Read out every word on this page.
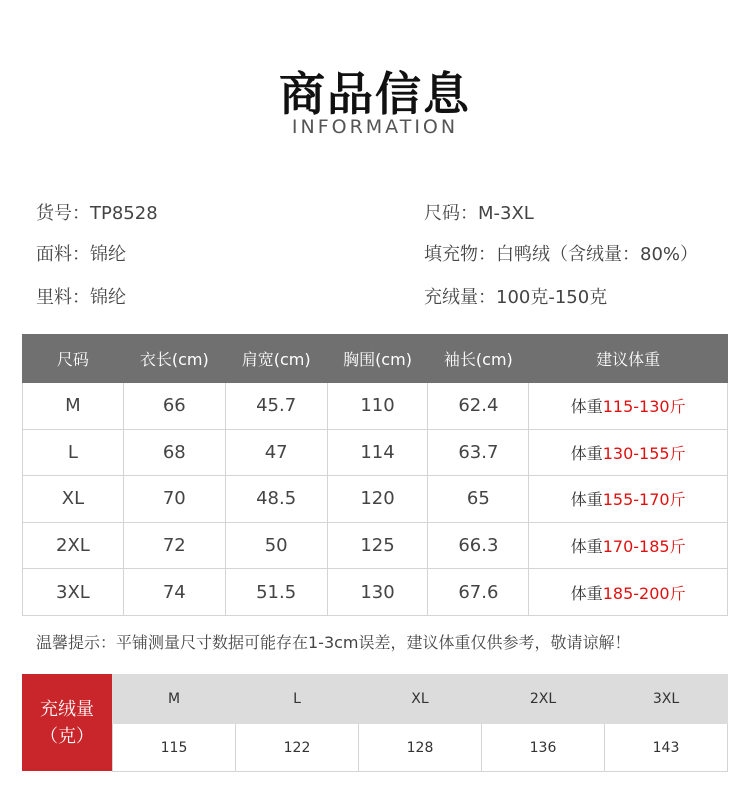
商品信息
INFORMATION
货号：TP8528	尺码：M-3XL
面料：锦纶	填充物：白鸭绒（含绒量：80%）
里料：锦纶	充绒量：100克-150克
尺码	衣长(cm)	肩宽(cm)	胸围(cm)	袖长(cm)	建议体重
M	66	45.7	110	62.4	体重115-130斤
L	68	47	114	63.7	体重130-155斤
XL	70	48.5	120	65	体重155-170斤
2XL	72	50	125	66.3	体重170-185斤
3XL	74	51.5	130	67.6	体重185-200斤
温馨提示：平铺测量尺寸数据可能存在1-3cm误差，建议体重仅供参考，敬请谅解！
充绒量
（克）
M	L	XL	2XL	3XL
115	122	128	136	143
